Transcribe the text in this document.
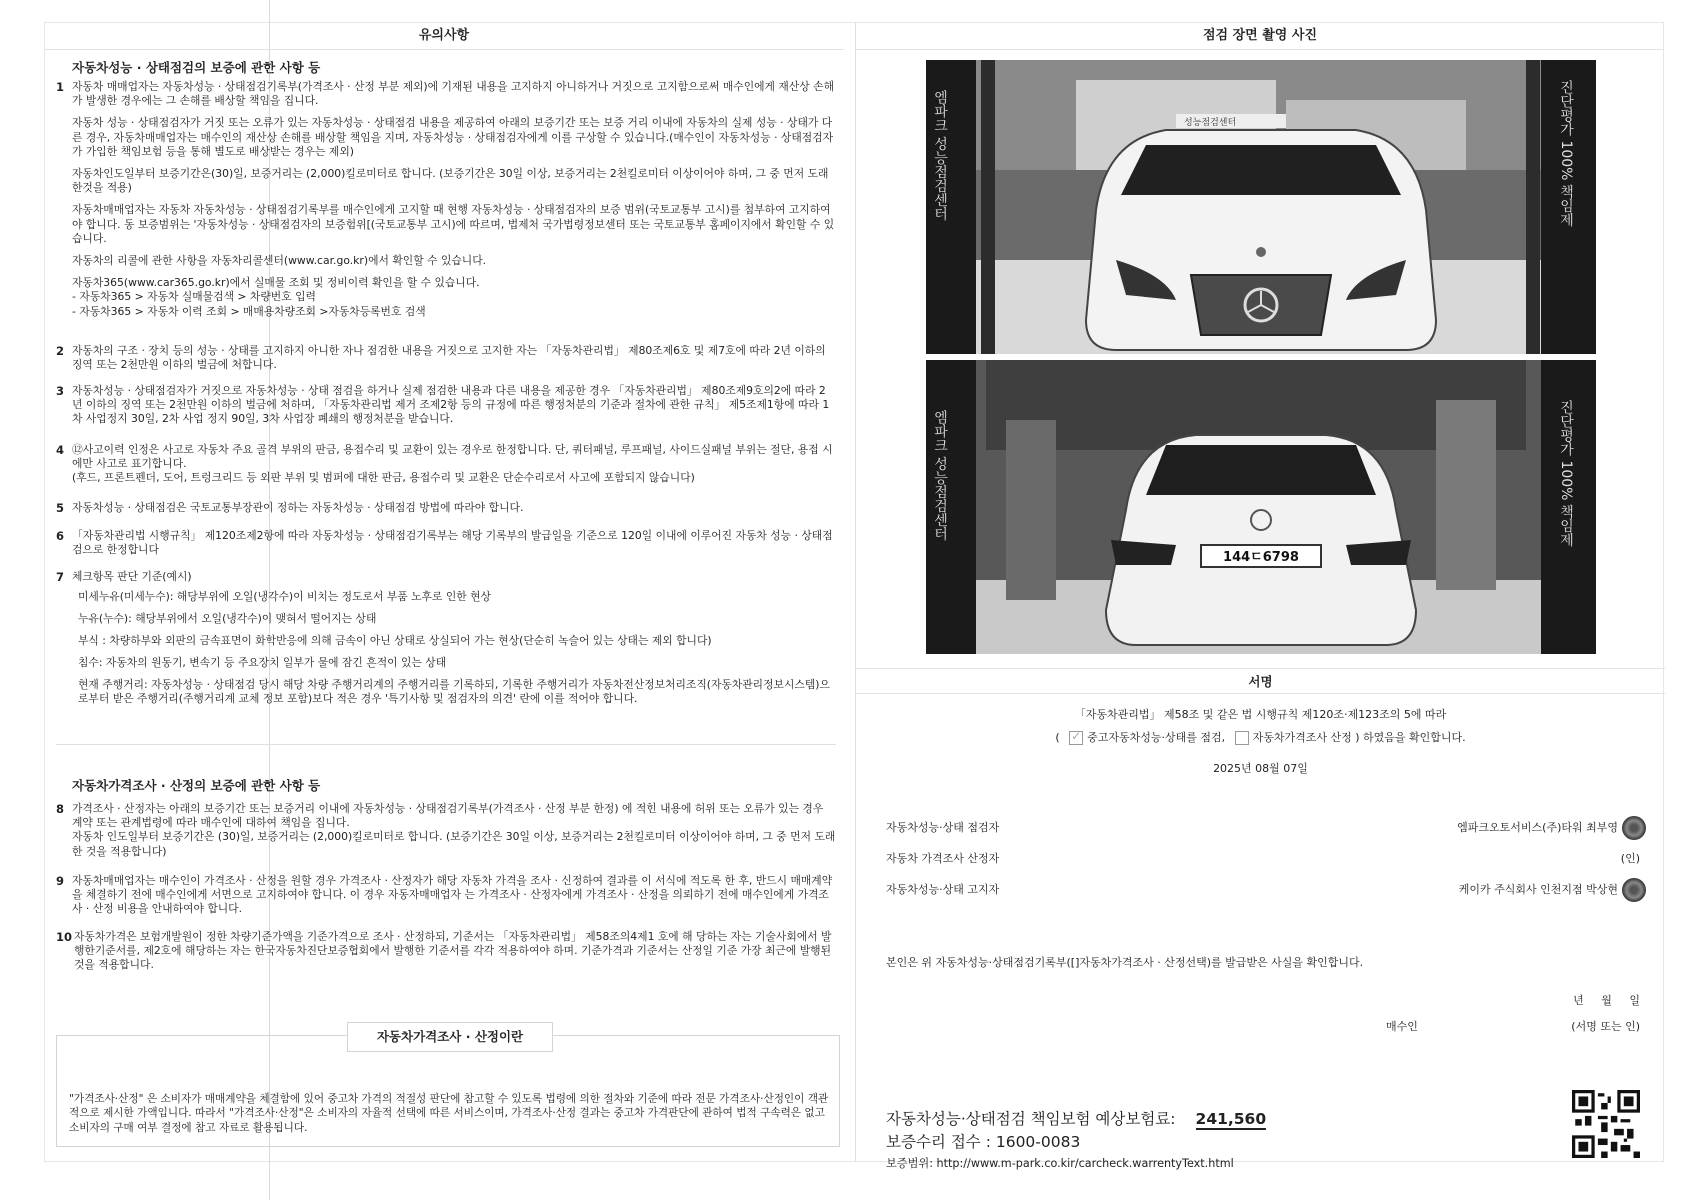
유의사항
자동차성능 · 상태점검의 보증에 관한 사항 등
1 자동차 매매업자는 자동차성능 · 상태점검기록부(가격조사 · 산정 부분 제외)에 기재된 내용을 고지하지 아니하거나 거짓으로 고지함으로써 매수인에게 재산상 손해가 발생한 경우에는 그 손해를 배상할 책임을 집니다.

자동차 성능 · 상태점검자가 거짓 또는 오류가 있는 자동차성능 · 상태점검 내용을 제공하여 아래의 보증기간 또는 보증 거리 이내에 자동차의 실제 성능 · 상태가 다른 경우, 자동차매매업자는 매수인의 재산상 손해를 배상할 책임을 지며, 자동차성능 · 상태점검자에게 이를 구상할 수 있습니다.(매수인이 자동차성능 · 상태점검자가 가입한 책임보험 등을 통해 별도로 배상받는 경우는 제외)

자동차인도일부터 보증기간은(30)일, 보증거리는 (2,000)킬로미터로 합니다. (보증기간은 30일 이상, 보증거리는 2천킬로미터 이상이어야 하며, 그 중 먼저 도래한것을 적용)

자동차매매업자는 자동차 자동차성능 · 상태점검기록부를 매수인에게 고지할 때 현행 자동차성능 · 상태점검자의 보증 범위(국토교통부 고시)를 첨부하여 고지하여야 합니다. 동 보증범위는 '자동차성능 · 상태점검자의 보증험위[(국토교통부 고시)에 따르며, 법제처 국가법령정보센터 또는 국토교통부 홈페이지에서 확인할 수 있습니다.

자동차의 리콜에 관한 사항을 자동차리콜센터(www.car.go.kr)에서 확인할 수 있습니다.

자동차365(www.car365.go.kr)에서 실매물 조회 및 정비이력 확인을 할 수 있습니다.
- 자동차365 > 자동차 실매물검색 > 차량번호 입력
- 자동차365 > 자동차 이력 조회 > 매매용차량조회 >자동차등록번호 검색
2 자동차의 구조 · 장치 등의 성능 · 상태를 고지하지 아니한 자나 점검한 내용을 거짓으로 고지한 자는 「자동차관리법」 제80조제6호 및 제7호에 따라 2년 이하의 징역 또는 2천만원 이하의 벌금에 처합니다.
3 자동차성능 · 상태점검자가 거짓으로 자동차성능 · 상태 점검을 하거나 실제 점검한 내용과 다른 내용을 제공한 경우 「자동차관리법」 제80조제9호의2에 따라 2년 이하의 징역 또는 2천만원 이하의 벌금에 처하며, 「자동차관리법 제거 조제2항 등의 규정에 따른 행정처분의 기준과 절차에 관한 규칙」 제5조제1항에 따라 1차 사업정지 30일, 2차 사업 정지 90일, 3차 사업장 폐쇄의 행정처분을 받습니다.
4 ⑫사고이력 인정은 사고로 자동차 주요 골격 부위의 판금, 용접수리 및 교환이 있는 경우로 한정합니다. 단, 쿼터패널, 루프패널, 사이드실패널 부위는 절단, 용접 시에만 사고로 표기합니다.
(후드, 프론트펜더, 도어, 트렁크리드 등 외판 부위 및 범퍼에 대한 판금, 용접수리 및 교환은 단순수리로서 사고에 포함되지 않습니다)
5 자동차성능 · 상태점검은 국토교통부장관이 정하는 자동차성능 · 상태점검 방법에 따라야 합니다.
6 「자동차관리법 시행규칙」 제120조제2항에 따라 자동차성능 · 상태점검기록부는 해당 기록부의 발급일을 기준으로 120일 이내에 이루어진 자동차 성능 · 상태점검으로 한정합니다
7 체크항목 판단 기준(예시)
미세누유(미세누수): 해당부위에 오일(냉각수)이 비치는 정도로서 부품 노후로 인한 현상
누유(누수): 해당부위에서 오일(냉각수)이 맺혀서 떨어지는 상태
부식 : 차량하부와 외판의 금속표면이 화학반응에 의해 금속이 아닌 상태로 상실되어 가는 현상(단순히 녹슬어 있는 상태는 제외 합니다)
침수: 자동차의 원동기, 변속기 등 주요장치 일부가 물에 잠긴 흔적이 있는 상태
현재 주행거리: 자동차성능 · 상태점검 당시 해당 차량 주행거리계의 주행거리를 기록하되, 기록한 주행거리가 자동차전산정보처리조직(자동차관리정보시스템)으로부터 받은 주행거리(주행거리계 교체 정보 포함)보다 적은 경우 '특기사항 및 점검자의 의견' 란에 이를 적어야 합니다.
자동차가격조사 · 산정의 보증에 관한 사항 등
8 가격조사 · 산정자는 아래의 보증기간 또는 보증거리 이내에 자동차성능 · 상태점검기록부(가격조사 · 산정 부분 한정) 에 적힌 내용에 허위 또는 오류가 있는 경우 계약 또는 관계법령에 따라 매수인에 대하여 책임을 집니다.
자동차 인도일부터 보증기간은 (30)일, 보증거리는 (2,000)킬로미터로 합니다. (보증기간은 30일 이상, 보증거리는 2천킬로미터 이상이어야 하며, 그 중 먼저 도래한 것을 적용합니다)
9 자동차매매업자는 매수인이 가격조사 · 산정을 원할 경우 가격조사 · 산정자가 해당 자동차 가격을 조사 · 신정하여 결과를 이 서식에 적도록 한 후, 반드시 매매계약을 체결하기 전에 매수인에게 서면으로 고지하여야 합니다. 이 경우 자동자매매업자 는 가격조사 · 산정자에게 가격조사 · 산정을 의뢰하기 전에 매수인에게 가격조사 · 산정 비용을 안내하여야 합니다.
10 자동차가격은 보험개발원이 정한 차량기준가액을 기준가격으로 조사 · 산정하되, 기준서는 「자동차관리법」 제58조의4제1 호에 해 당하는 자는 기술사회에서 발행한기준서를, 제2호에 해당하는 자는 한국자동차진단보증협회에서 발행한 기준서를 각각 적용하여야 하며. 기준가격과 기준서는 산정일 기준 가장 최근에 발행된 것을 적용합니다.
자동차가격조사 · 산정이란
"가격조사·산정" 은 소비자가 매매계약을 체결함에 있어 중고차 가격의 적절성 판단에 참고할 수 있도록 법령에 의한 절차와 기준에 따라 전문 가격조사·산정인이 객관적으로 제시한 가액입니다. 따라서 "가격조사·산정"은 소비자의 자율적 선택에 따른 서비스이며, 가격조사·산정 결과는 중고차 가격판단에 관하여 법적 구속력은 없고 소비자의 구매 여부 결정에 참고 자료로 활용됩니다.
점검 장면 촬영 사진
엠파크 성능점검센터	진단평가 100% 책임제
성능점검센터
144ㄷ6798
엠파크 성능점검센터	진단평가 100% 책임제
서명
「자동차관리법」 제58조 및 같은 법 시행규칙 제120조·제123조의 5에 따라
( ✓	중고자동차성능·상태를 점검,	자동차가격조사 산정 ) 하였음을 확인합니다.
2025년 08월 07일
자동차성능·상태 점검자	엠파크오토서비스(주)타워 최부영
자동차 가격조사 산정자	(인)
자동차성능·상태 고지자	케이카 주식회사 인천지점 박상현
본인은 위 자동차성능·상태점검기록부([]자동차가격조사 · 산정선택)를 발급받은 사실을 확인합니다.
년     월     일
매수인	(서명 또는 인)
자동차성능·상태점검 책임보험 예상보험료: 241,560
보증수리 접수 : 1600-0083
보증범위: http://www.m-park.co.kir/carcheck.warrentyText.html
